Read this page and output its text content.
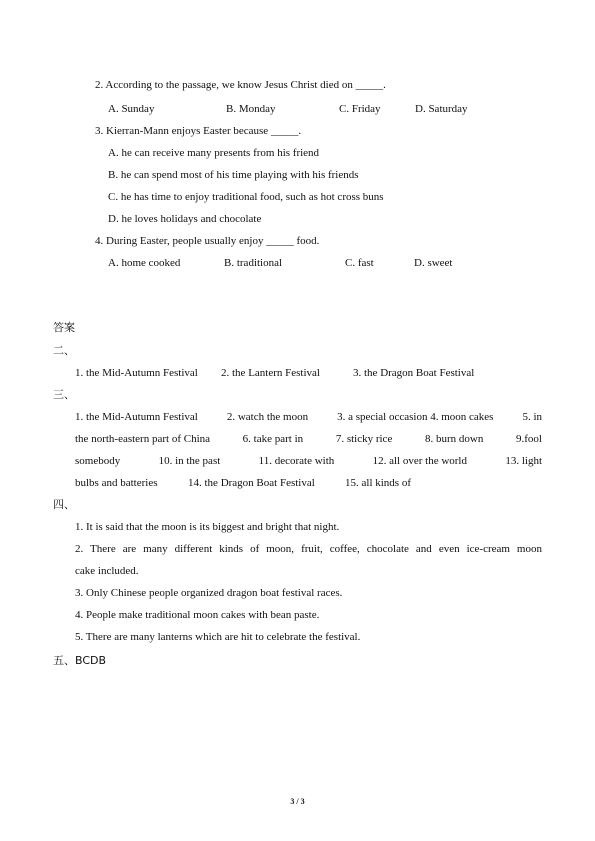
2. According to the passage, we know Jesus Christ died on _____.
A. Sunday	B. Monday	C. Friday	D. Saturday
3. Kierran-Mann enjoys Easter because _____.
A. he can receive many presents from his friend
B. he can spend most of his time playing with his friends
C. he has time to enjoy traditional food, such as hot cross buns
D. he loves holidays and chocolate
4. During Easter, people usually enjoy _____ food.
A. home cooked	B. traditional	C. fast	D. sweet
答案
二、
1. the Mid-Autumn Festival 2. the Lantern Festival	3. the Dragon Boat Festival
三、
1. the Mid-Autumn Festival	2. watch the moon	3. a special occasion 4. moon cakes	5. in
the north-eastern part of China	6. take part in	7. sticky rice	8. burn down	9.fool
somebody	10. in the past	11. decorate with	12. all over the world	13. light
bulbs and batteries	14. the Dragon Boat Festival	15. all kinds of
四、
1. It is said that the moon is its biggest and bright that night.
2. There are many different kinds of moon, fruit, coffee, chocolate and even ice-cream moon
cake included.
3. Only Chinese people organized dragon boat festival races.
4. People make traditional moon cakes with bean paste.
5. There are many lanterns which are hit to celebrate the festival.
五、BCDB
3 / 3
